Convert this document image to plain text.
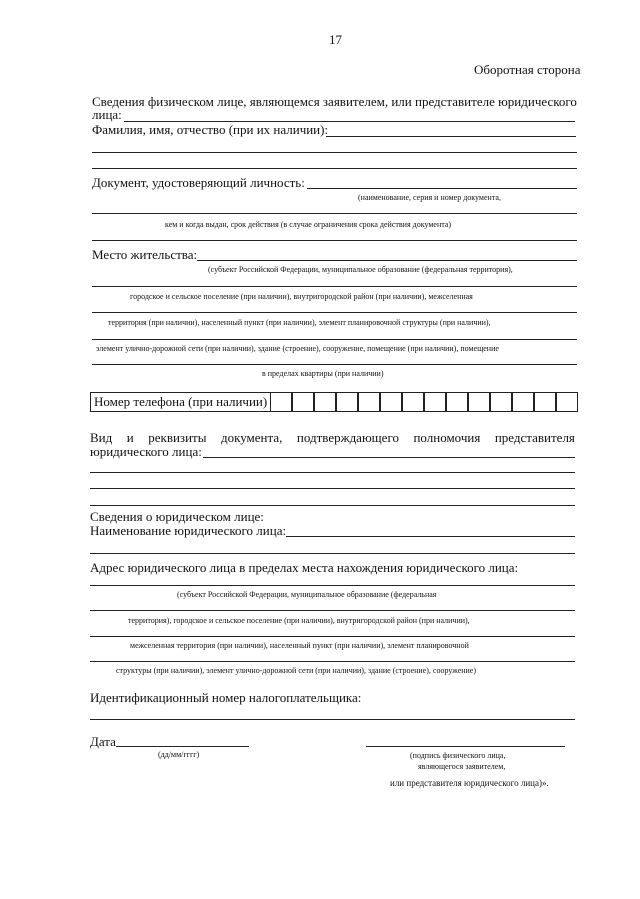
17
Оборотная сторона
Сведения физическом лице, являющемся заявителем, или представителе юридического
лица:
Фамилия, имя, отчество (при их наличии):
Документ, удостоверяющий личность:
(наименование, серия и номер документа,
кем и когда выдан, срок действия (в случае ограничения срока действия документа)
Место жительства:
(субъект Российской Федерации, муниципальное образование (федеральная территория),
городское и сельское поселение (при наличии), внутригородской район (при наличии), межселенная
территория (при наличии), населенный пункт (при наличии), элемент планировочной структуры (при наличии),
элемент улично-дорожной сети (при наличии), здание (строение), сооружение, помещение (при наличии), помещение
в пределах квартиры (при наличии)
Номер телефона (при наличии)
Вид и реквизиты документа, подтверждающего полномочия представителя
юридического лица:
Сведения о юридическом лице:
Наименование юридического лица:
Адрес юридического лица в пределах места нахождения юридического лица:
(субъект Российской Федерации, муниципальное образование (федеральная
территория), городское и сельское поселение (при наличии), внутригородской район (при наличии),
межселенная территория (при наличии), населенный пункт (при наличии), элемент планировочной
структуры (при наличии), элемент улично-дорожной сети (при наличии), здание (строение), сооружение)
Идентификационный номер налогоплательщика:
Дата
(дд/мм/гггг)	(подпись физического лица,
являющегося заявителем,
или представителя юридического лица)».
